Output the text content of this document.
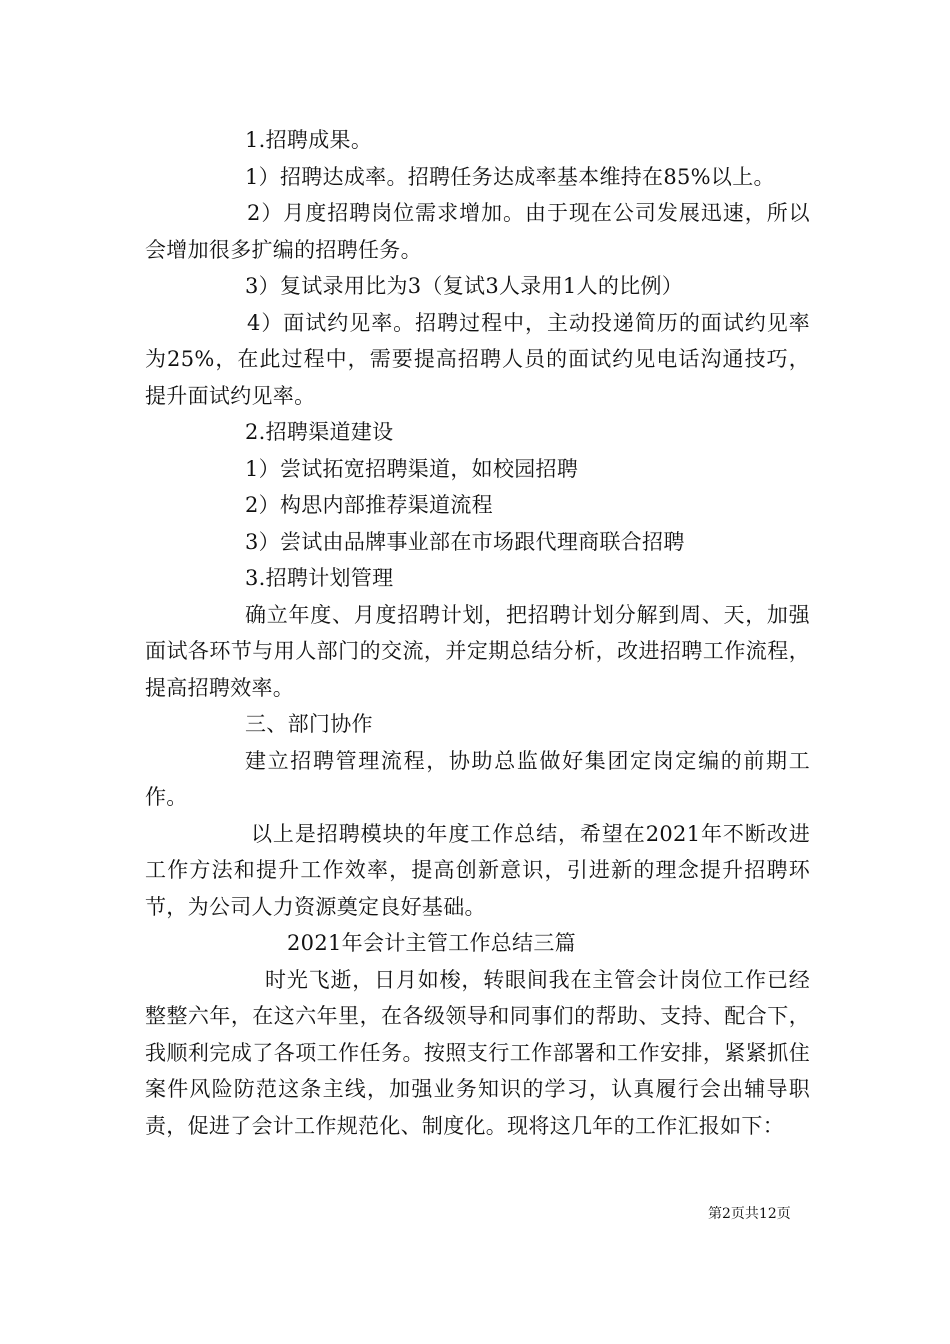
1.招聘成果。

1）招聘达成率。招聘任务达成率基本维持在85%以上。

2）月度招聘岗位需求增加。由于现在公司发展迅速，所以会增加很多扩编的招聘任务。

3）复试录用比为3（复试3人录用1人的比例）

4）面试约见率。招聘过程中，主动投递简历的面试约见率为25%，在此过程中，需要提高招聘人员的面试约见电话沟通技巧，提升面试约见率。

2.招聘渠道建设

1）尝试拓宽招聘渠道，如校园招聘

2）构思内部推荐渠道流程

3）尝试由品牌事业部在市场跟代理商联合招聘

3.招聘计划管理

确立年度、月度招聘计划，把招聘计划分解到周、天，加强面试各环节与用人部门的交流，并定期总结分析，改进招聘工作流程，提高招聘效率。

三、部门协作

建立招聘管理流程，协助总监做好集团定岗定编的前期工作。

以上是招聘模块的年度工作总结，希望在2021年不断改进工作方法和提升工作效率，提高创新意识，引进新的理念提升招聘环节，为公司人力资源奠定良好基础。

2021年会计主管工作总结三篇

时光飞逝，日月如梭，转眼间我在主管会计岗位工作已经整整六年，在这六年里，在各级领导和同事们的帮助、支持、配合下，我顺利完成了各项工作任务。按照支行工作部署和工作安排，紧紧抓住案件风险防范这条主线，加强业务知识的学习，认真履行会出辅导职责，促进了会计工作规范化、制度化。现将这几年的工作汇报如下：

第2页共12页
